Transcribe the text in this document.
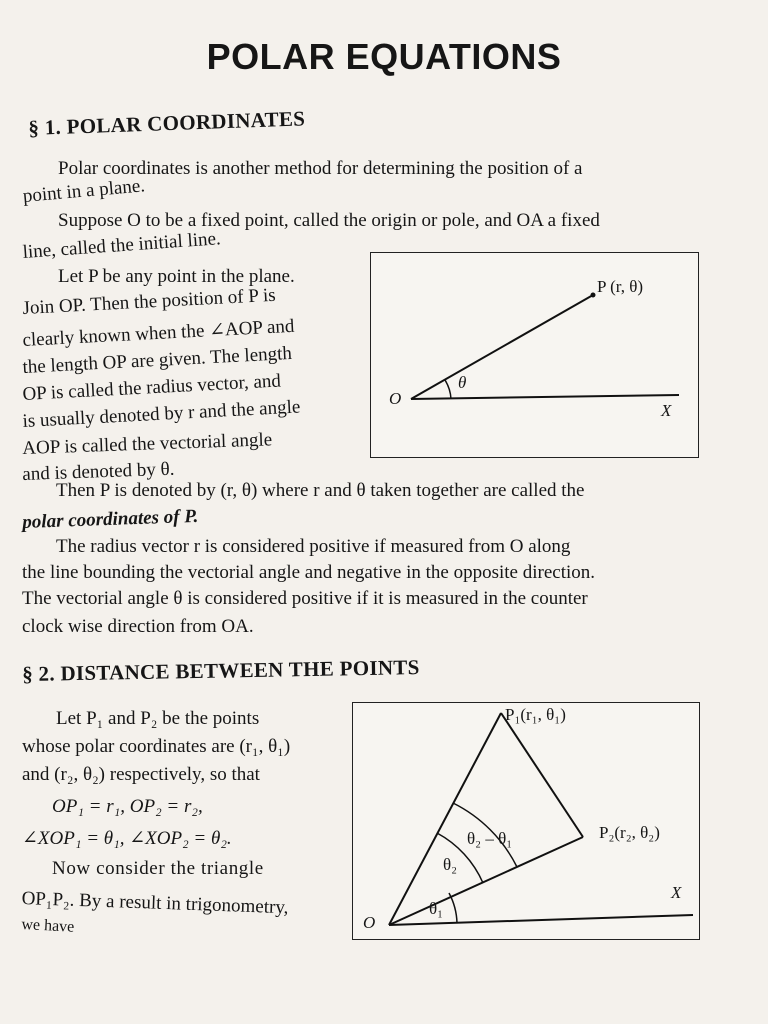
POLAR EQUATIONS
§ 1. POLAR COORDINATES
Polar coordinates is another method for determining the position of a
point in a plane.
Suppose O to be a fixed point, called the origin or pole, and OA a fixed
line, called the initial line.
Let P be any point in the plane.
Join OP. Then the position of P is
clearly known when the ∠AOP and
the length OP are given. The length
OP is called the radius vector, and
is usually denoted by r and the angle
AOP is called the vectorial angle
and is denoted by θ.
Then P is denoted by (r, θ) where r and θ taken together are called the
polar coordinates of P.
The radius vector r is considered positive if measured from O along
the line bounding the vectorial angle and negative in the opposite direction.
The vectorial angle θ is considered positive if it is measured in the counter
clock wise direction from OA.
P (r, θ)
O
X
θ
§ 2. DISTANCE BETWEEN THE POINTS
Let P₁ and P₂ be the points
whose polar coordinates are (r₁, θ₁)
and (r₂, θ₂) respectively, so that
OP₁ = r₁, OP₂ = r₂,
∠XOP₁ = θ₁, ∠XOP₂ = θ₂.
Now consider the triangle
OP₁P₂. By a result in trigonometry,
we have
P₁(r₁, θ₁)
P₂(r₂, θ₂)
O
X
θ₂ – θ₁
θ₂
θ₁
